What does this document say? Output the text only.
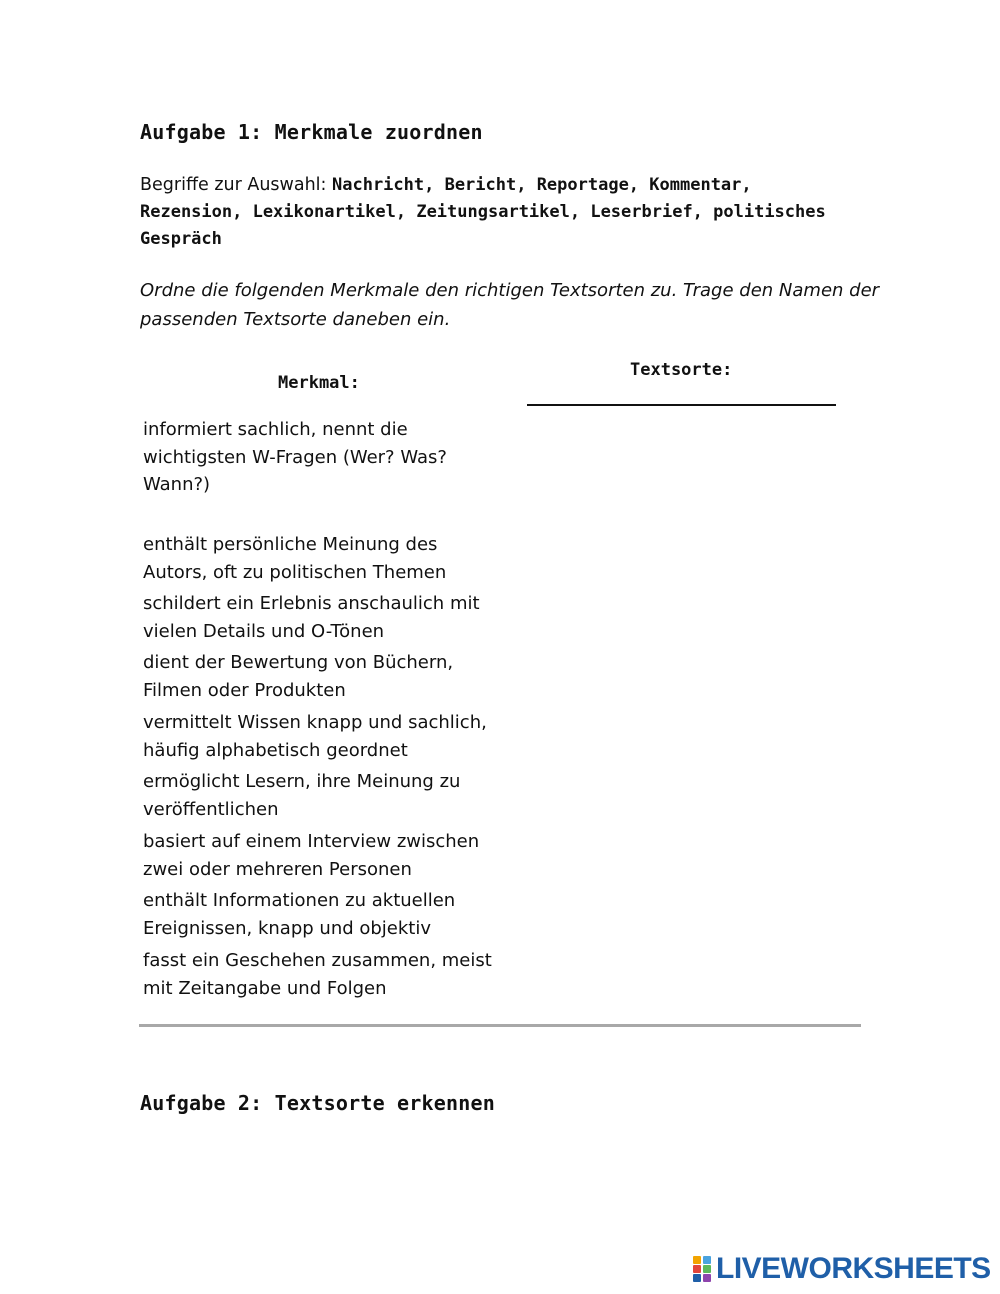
Aufgabe 1: Merkmale zuordnen
Begriffe zur Auswahl: Nachricht, Bericht, Reportage, Kommentar, Rezension, Lexikonartikel, Zeitungsartikel, Leserbrief, politisches Gespräch
Ordne die folgenden Merkmale den richtigen Textsorten zu. Trage den Namen der passenden Textsorte daneben ein.
Merkmal:
Textsorte:
informiert sachlich, nennt die wichtigsten W-Fragen (Wer? Was? Wann?)
enthält persönliche Meinung des Autors, oft zu politischen Themen
schildert ein Erlebnis anschaulich mit vielen Details und O-Tönen
dient der Bewertung von Büchern, Filmen oder Produkten
vermittelt Wissen knapp und sachlich, häufig alphabetisch geordnet
ermöglicht Lesern, ihre Meinung zu veröffentlichen
basiert auf einem Interview zwischen zwei oder mehreren Personen
enthält Informationen zu aktuellen Ereignissen, knapp und objektiv
fasst ein Geschehen zusammen, meist mit Zeitangabe und Folgen
Aufgabe 2: Textsorte erkennen
LIVEWORKSHEETS
